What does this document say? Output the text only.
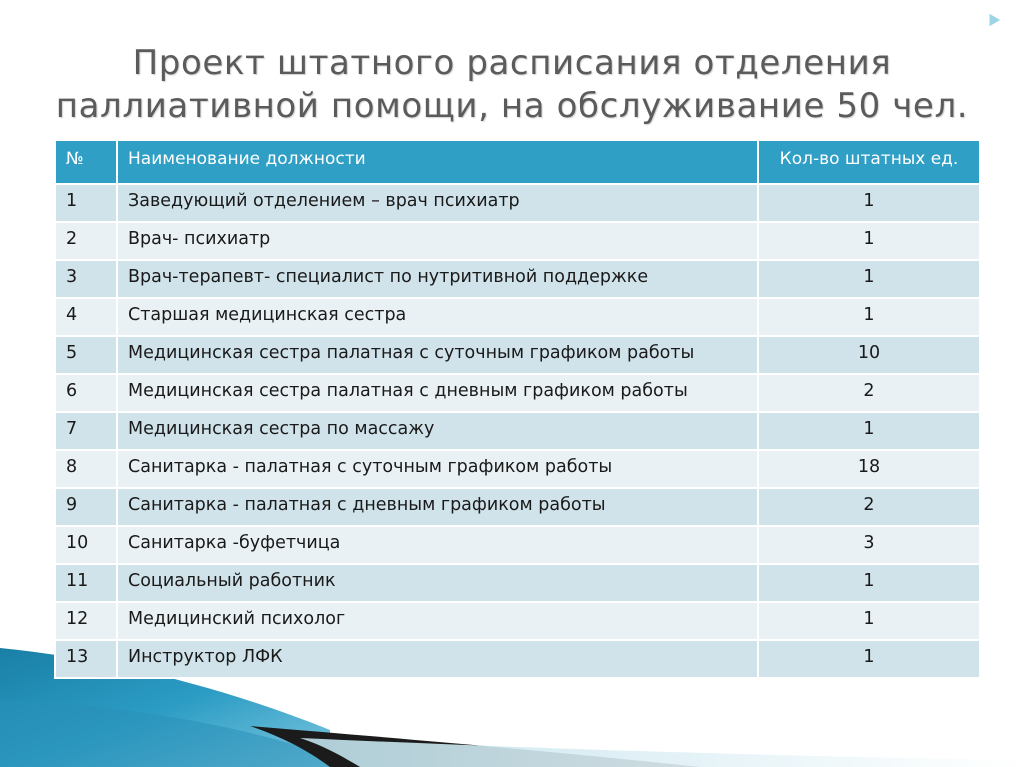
Проект штатного расписания отделения
паллиативной помощи, на обслуживание 50 чел.
№	Наименование должности	Кол-во штатных ед.
1	Заведующий отделением – врач психиатр	1
2	Врач- психиатр	1
3	Врач-терапевт- специалист по нутритивной поддержке	1
4	Старшая медицинская сестра	1
5	Медицинская сестра палатная с суточным графиком работы	10
6	Медицинская сестра палатная с дневным графиком работы	2
7	Медицинская сестра по массажу	1
8	Санитарка - палатная с суточным графиком работы	18
9	Санитарка - палатная с дневным графиком работы	2
10	Санитарка -буфетчица	3
11	Социальный работник	1
12	Медицинский психолог	1
13	Инструктор ЛФК	1
